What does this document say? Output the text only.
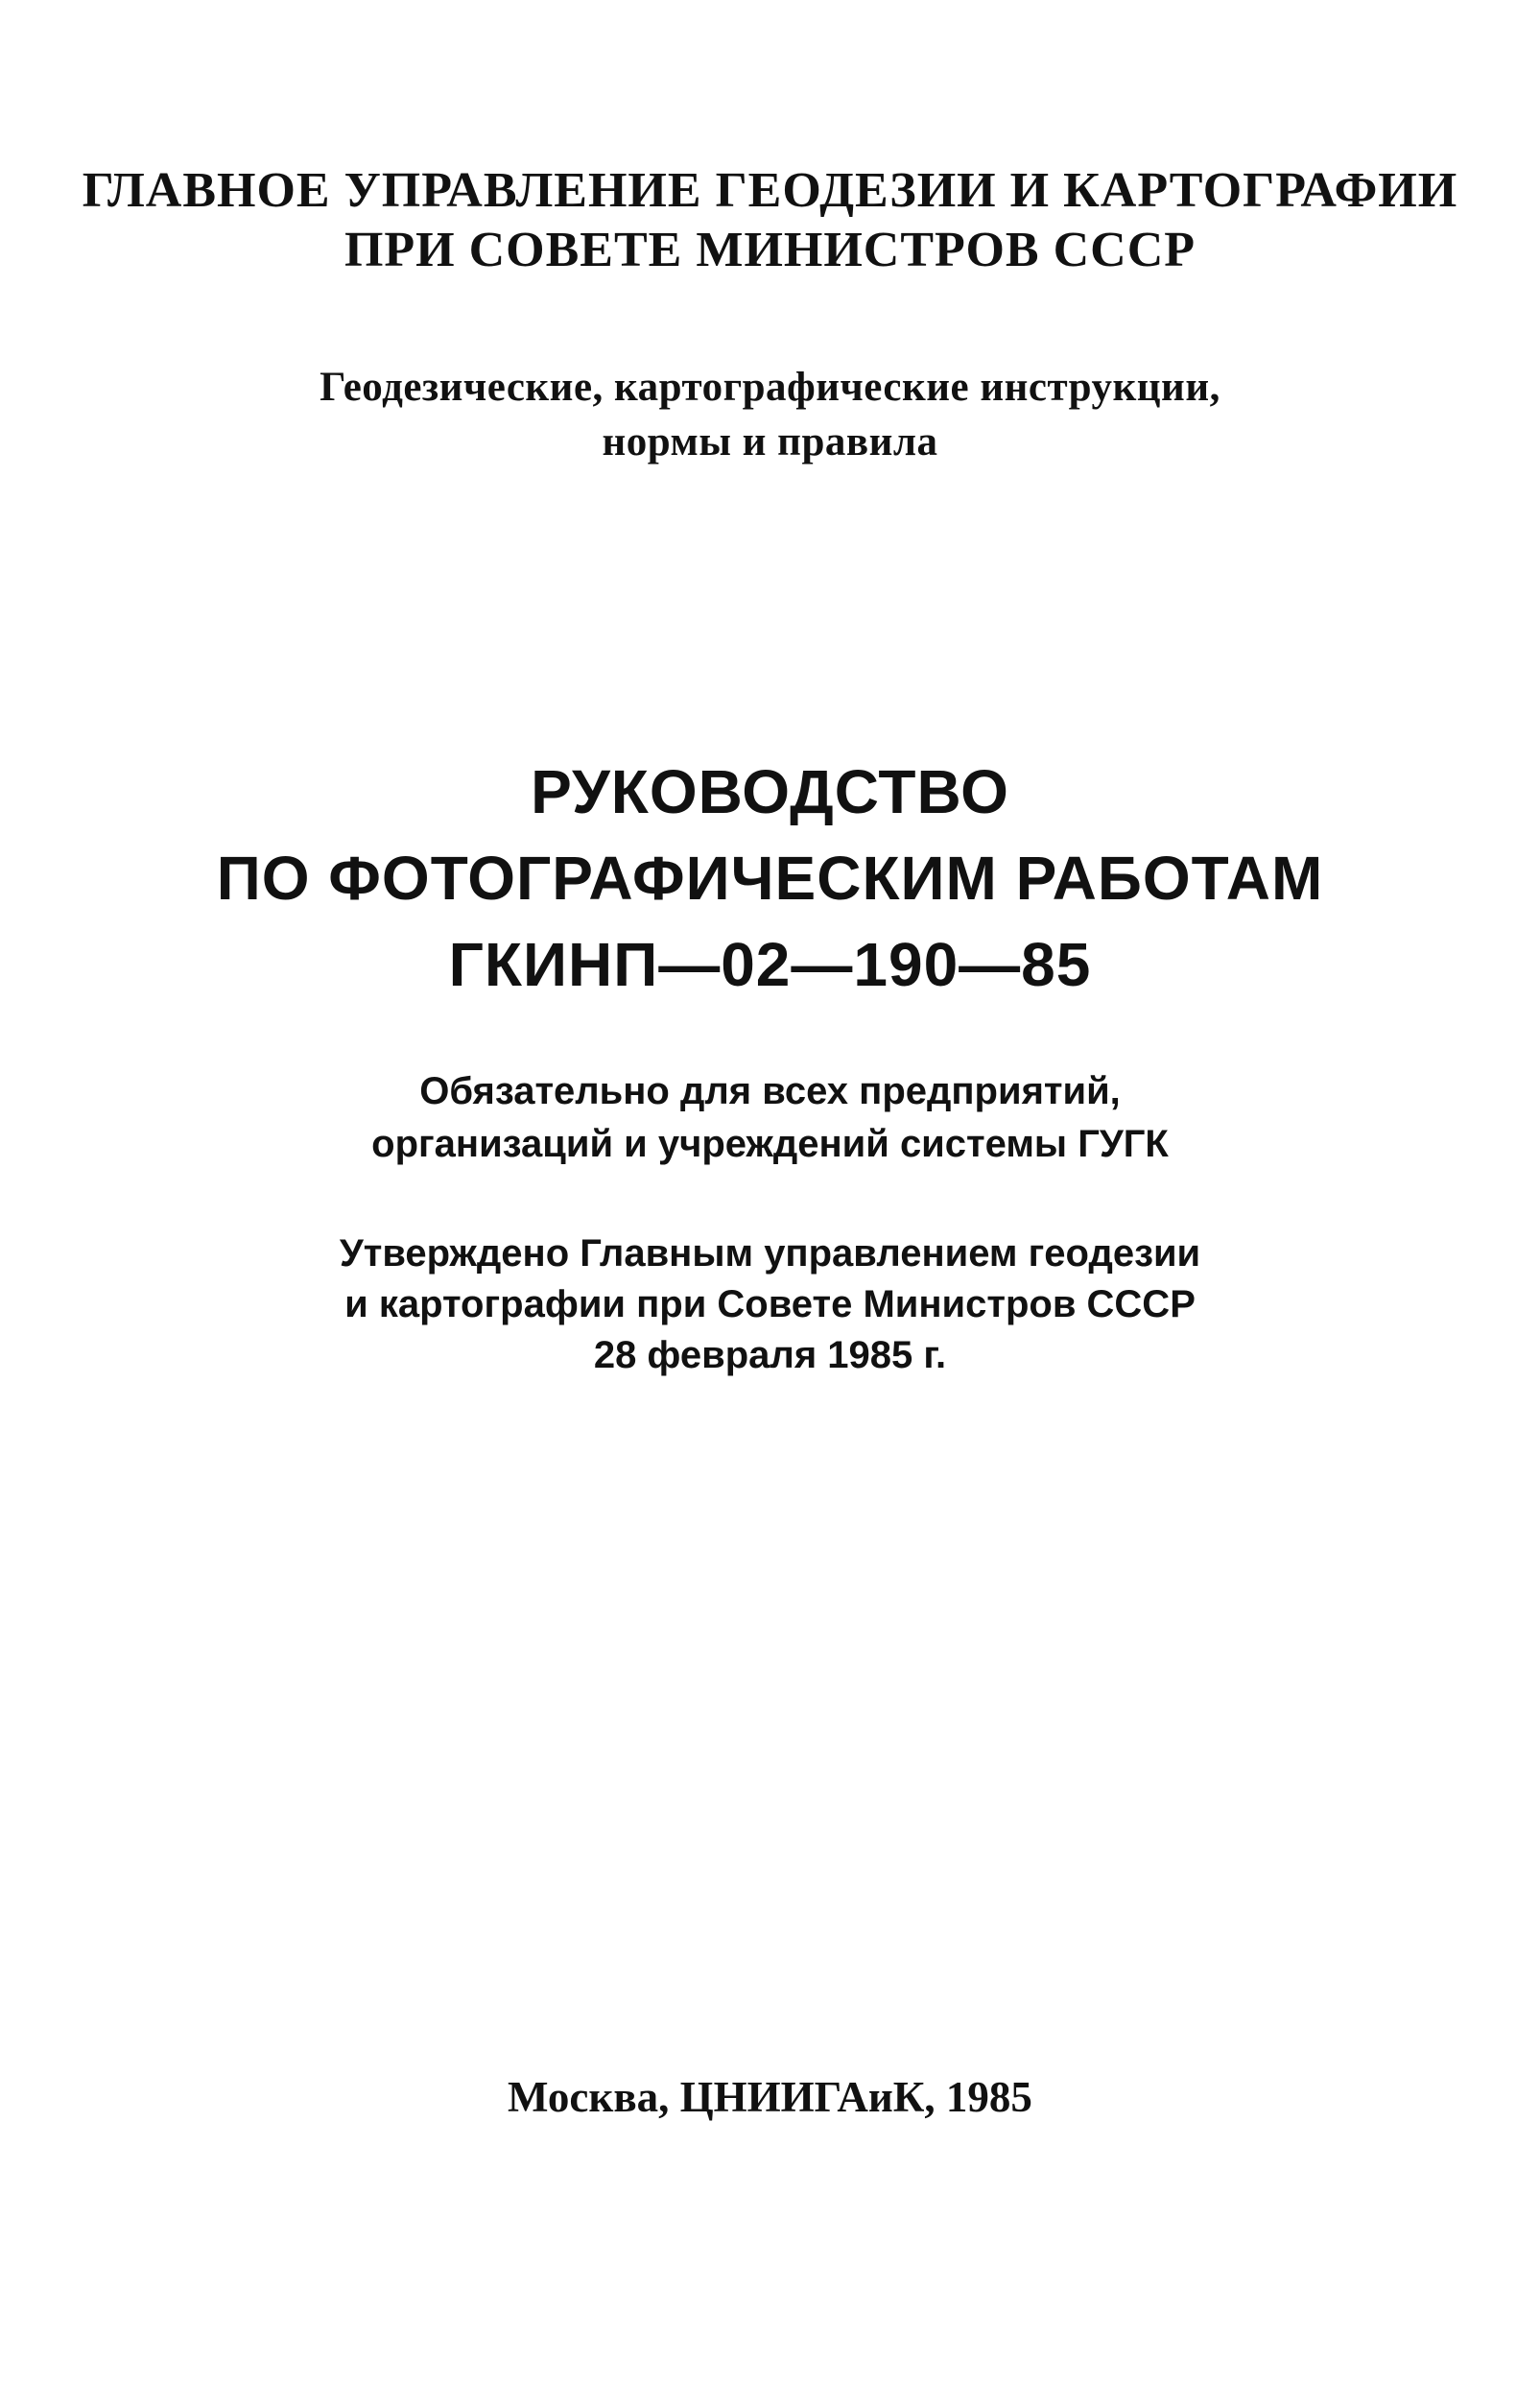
ГЛАВНОЕ УПРАВЛЕНИЕ ГЕОДЕЗИИ И КАРТОГРАФИИ
ПРИ СОВЕТЕ МИНИСТРОВ СССР
Геодезические, картографические инструкции,
нормы и правила
РУКОВОДСТВО
ПО ФОТОГРАФИЧЕСКИМ РАБОТАМ
ГКИНП—02—190—85
Обязательно для всех предприятий,
организаций и учреждений системы ГУГК
Утверждено Главным управлением геодезии
и картографии при Совете Министров СССР
28 февраля 1985 г.
Москва, ЦНИИГАиК, 1985
